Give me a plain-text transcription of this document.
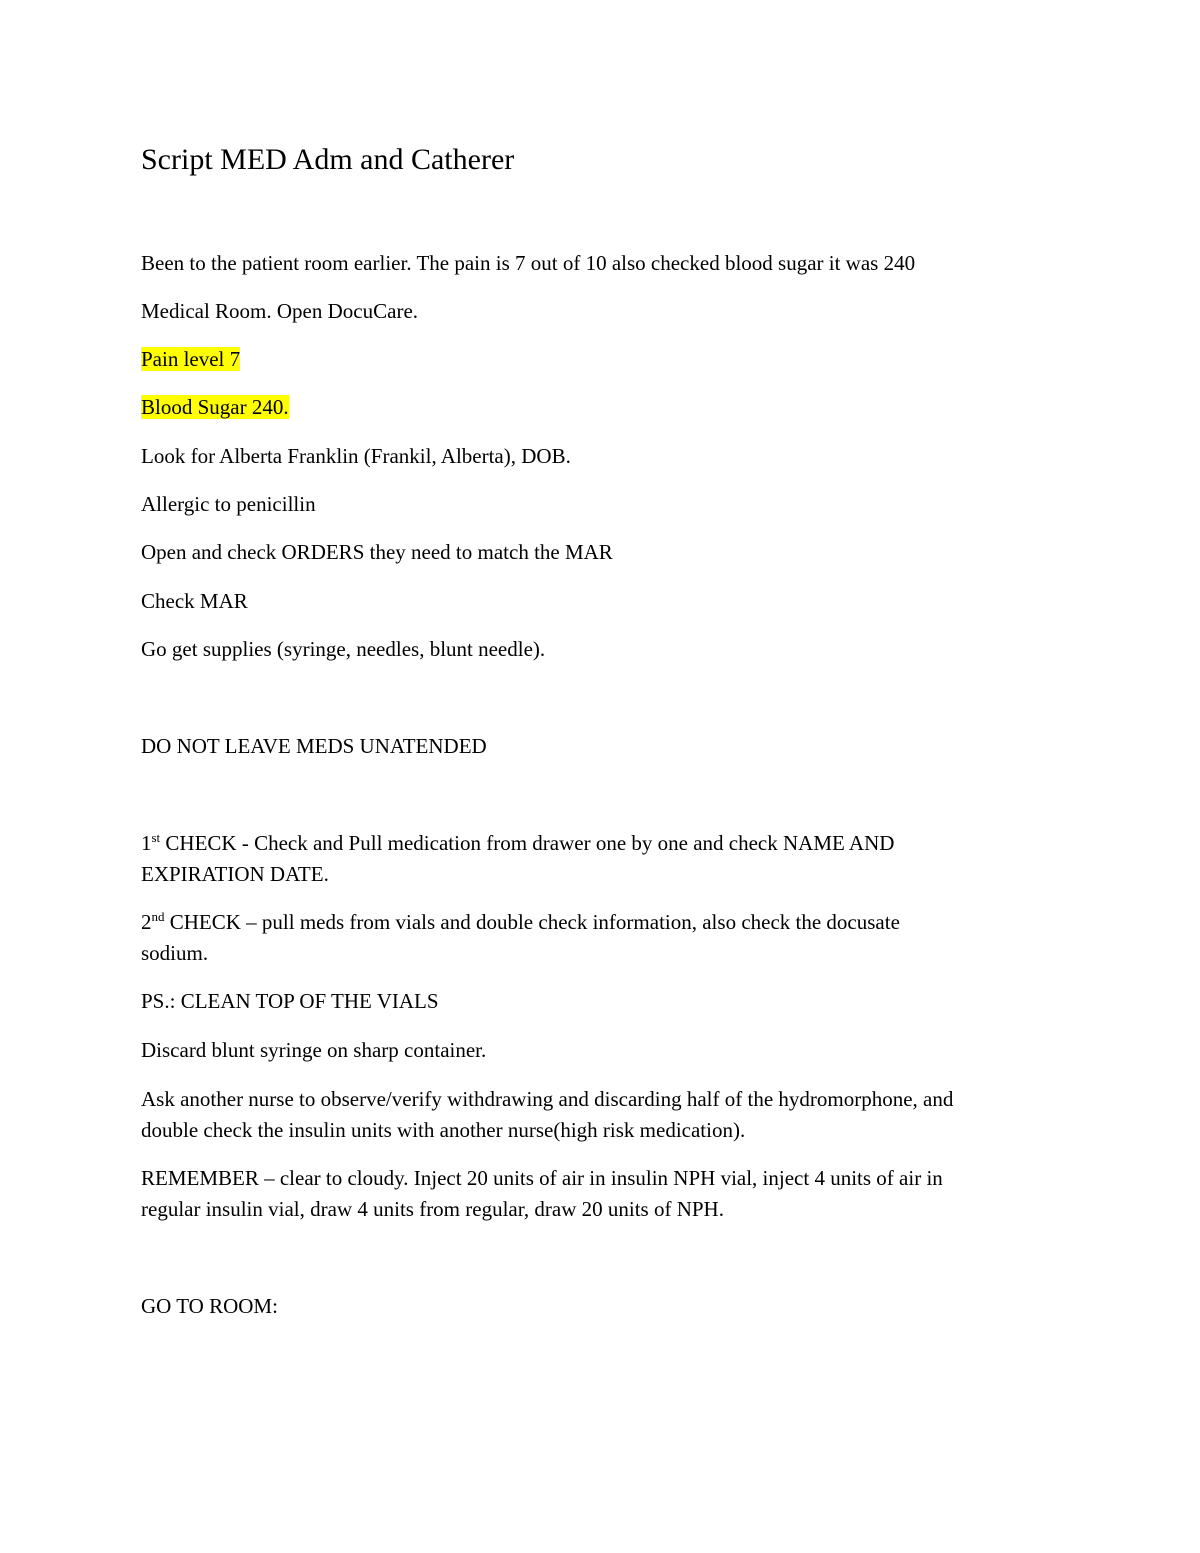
Script MED Adm and Catherer
Been to the patient room earlier. The pain is 7 out of 10 also checked blood sugar it was 240
Medical Room. Open DocuCare.
Pain level 7
Blood Sugar 240.
Look for Alberta Franklin (Frankil, Alberta), DOB.
Allergic to penicillin
Open and check ORDERS they need to match the MAR
Check MAR
Go get supplies (syringe, needles, blunt needle).
DO NOT LEAVE MEDS UNATENDED
1st CHECK - Check and Pull medication from drawer one by one and check NAME AND
EXPIRATION DATE.
2nd CHECK – pull meds from vials and double check information, also check the docusate
sodium.
PS.: CLEAN TOP OF THE VIALS
Discard blunt syringe on sharp container.
Ask another nurse to observe/verify withdrawing and discarding half of the hydromorphone, and
double check the insulin units with another nurse(high risk medication).
REMEMBER – clear to cloudy. Inject 20 units of air in insulin NPH vial, inject 4 units of air in
regular insulin vial, draw 4 units from regular, draw 20 units of NPH.
GO TO ROOM:
